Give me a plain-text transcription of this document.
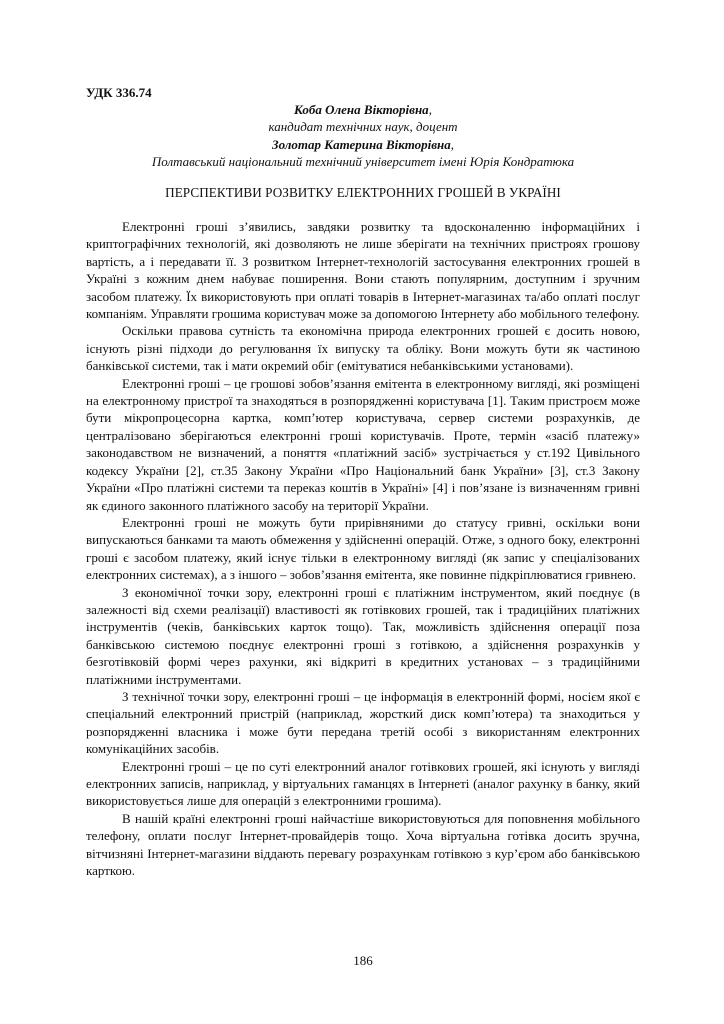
УДК 336.74
Коба Олена Вікторівна,
кандидат технічних наук, доцент
Золотар Катерина Вікторівна,
Полтавський національний технічний університет імені Юрія Кондратюка
ПЕРСПЕКТИВИ РОЗВИТКУ ЕЛЕКТРОННИХ ГРОШЕЙ В УКРАЇНІ

Електронні гроші з’явились, завдяки розвитку та вдосконаленню інформаційних і криптографічних технологій, які дозволяють не лише зберігати на технічних пристроях грошову вартість, а і передавати її. З розвитком Інтернет-технологій застосування електронних грошей в Україні з кожним днем набуває поширення. Вони стають популярним, доступним і зручним засобом платежу. Їх використовують при оплаті товарів в Інтернет-магазинах та/або оплаті послуг компаніям. Управляти грошима користувач може за допомогою Інтернету або мобільного телефону.

Оскільки правова сутність та економічна природа електронних грошей є досить новою, існують різні підходи до регулювання їх випуску та обліку. Вони можуть бути як частиною банківської системи, так і мати окремий обіг (емітуватися небанківськими установами).

Електронні гроші – це грошові зобов’язання емітента в електронному вигляді, які розміщені на електронному пристрої та знаходяться в розпорядженні користувача [1]. Таким пристроєм може бути мікропроцесорна картка, комп’ютер користувача, сервер системи розрахунків, де централізовано зберігаються електронні гроші користувачів. Проте, термін «засіб платежу» законодавством не визначений, а поняття «платіжний засіб» зустрічається у ст.192 Цивільного кодексу України [2], ст.35 Закону України «Про Національний банк України» [3], ст.3 Закону України «Про платіжні системи та переказ коштів в Україні» [4] і пов’язане із визначенням гривні як єдиного законного платіжного засобу на території України.

Електронні гроші не можуть бути прирівняними до статусу гривні, оскільки вони випускаються банками та мають обмеження у здійсненні операцій. Отже, з одного боку, електронні гроші є засобом платежу, який існує тільки в електронному вигляді (як запис у спеціалізованих електронних системах), а з іншого – зобов’язання емітента, яке повинне підкріплюватися гривнею.

З економічної точки зору, електронні гроші є платіжним інструментом, який поєднує (в залежності від схеми реалізації) властивості як готівкових грошей, так і традиційних платіжних інструментів (чеків, банківських карток тощо). Так, можливість здійснення операції поза банківською системою поєднує електронні гроші з готівкою, а здійснення розрахунків у безготівковій формі через рахунки, які відкриті в кредитних установах – з традиційними платіжними інструментами.

З технічної точки зору, електронні гроші – це інформація в електронній формі, носієм якої є спеціальний електронний пристрій (наприклад, жорсткий диск комп’ютера) та знаходиться у розпорядженні власника і може бути передана третій особі з використанням електронних комунікаційних засобів.

Електронні гроші – це по суті електронний аналог готівкових грошей, які існують у вигляді електронних записів, наприклад, у віртуальних гаманцях в Інтернеті (аналог рахунку в банку, який використовується лише для операцій з електронними грошима).

В нашій країні електронні гроші найчастіше використовуються для поповнення мобільного телефону, оплати послуг Інтернет-провайдерів тощо. Хоча віртуальна готівка досить зручна, вітчизняні Інтернет-магазини віддають перевагу розрахункам готівкою з кур’єром або банківською карткою.

186
